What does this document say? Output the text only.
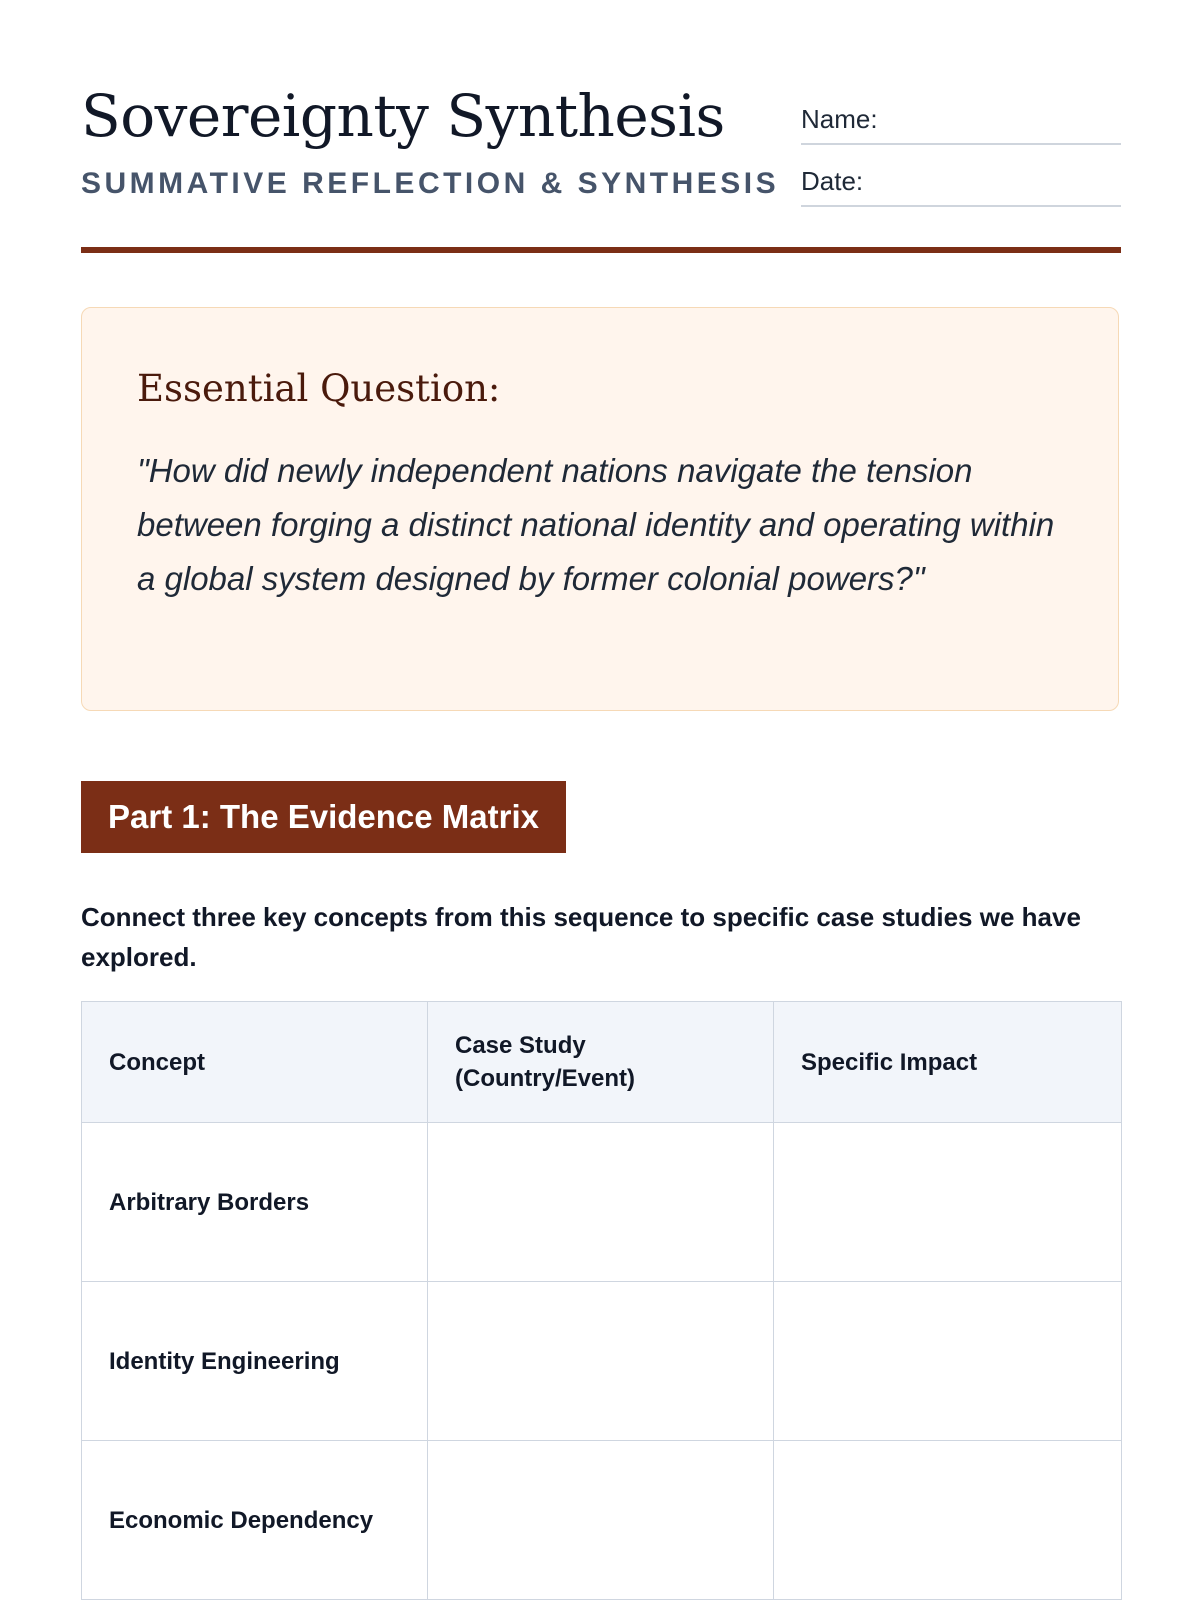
Sovereignty Synthesis
SUMMATIVE REFLECTION & SYNTHESIS
Name:
Date:
Essential Question:

"How did newly independent nations navigate the tension between forging a distinct national identity and operating within a global system designed by former colonial powers?"

Part 1: The Evidence Matrix

Connect three key concepts from this sequence to specific case studies we have explored.

Concept	Case Study (Country/Event)	Specific Impact
Arbitrary Borders		
Identity Engineering		
Economic Dependency		
